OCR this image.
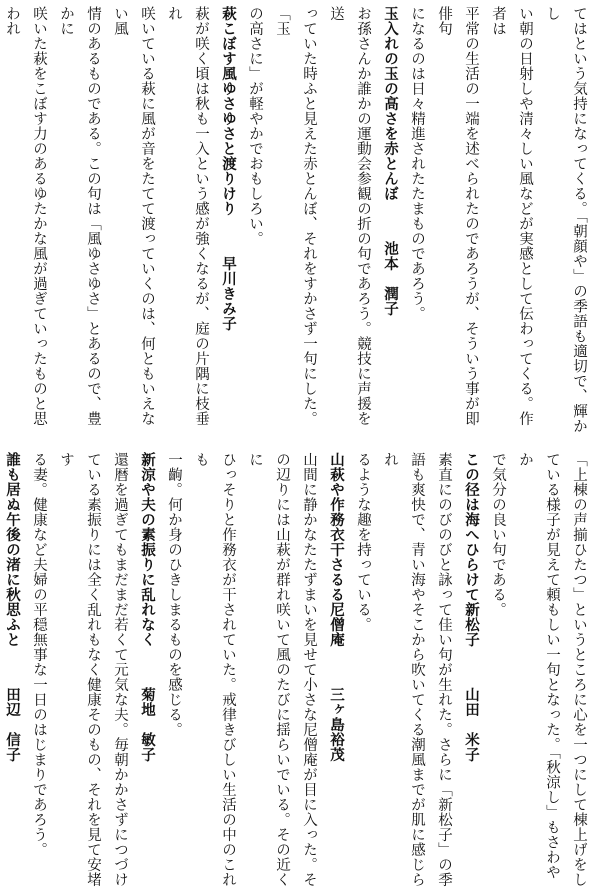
てはという気持になってくる。「朝顔や」の季語も適切で、輝かし
い朝の日射しや清々しい風などが実感として伝わってくる。作者は
平常の生活の一端を述べられたのであろうが、そういう事が即俳句
になるのは日々精進されたたまものであろう。
玉入れの玉の高さを赤とんぼ池本　潤子
お孫さんか誰かの運動会参観の折の句であろう。競技に声援を送
っていた時ふと見えた赤とんぼ、それをすかさず一句にした。「玉
の高さに」が軽やかでおもしろい。
萩こぼす風ゆさゆさと渡りけり早川きみ子
萩が咲く頃は秋も一入という感が強くなるが、庭の片隅に枝垂れ
咲いている萩に風が音をたてて渡っていくのは、何ともいえない風
情のあるものである。この句は「風ゆさゆさ」とあるので、豊かに
咲いた萩をこぼす力のあるゆたかな風が過ぎていったものと思われ
「上棟の声揃ひたつ」というところに心を一つにして棟上げをし
ている様子が見えて頼もしい一句となった。「秋涼し」もさわやか
で気分の良い句である。
この径は海へひらけて新松子山田　米子
素直にのびのびと詠って佳い句が生れた。さらに「新松子」の季
語も爽快で、青い海やそこから吹いてくる潮風までが肌に感じられ
るような趣を持っている。
山萩や作務衣干さるる尼僧庵三ヶ島裕茂
山間に静かなたたずまいを見せて小さな尼僧庵が目に入った。そ
の辺りには山萩が群れ咲いて風のたびに揺らいでいる。その近くに
ひっそりと作務衣が干されていた。戒律きびしい生活の中のこれも
一齣。何か身のひきしまるものを感じる。
新涼や夫の素振りに乱れなく菊地　敏子
還暦を過ぎてもまだまだ若くて元気な夫。毎朝かかさずにつづけ
ている素振りには全く乱れもなく健康そのもの、それを見て安堵す
る妻。健康など夫婦の平穏無事な一日のはじまりであろう。
誰も居ぬ午後の渚に秋思ふと田辺　信子
